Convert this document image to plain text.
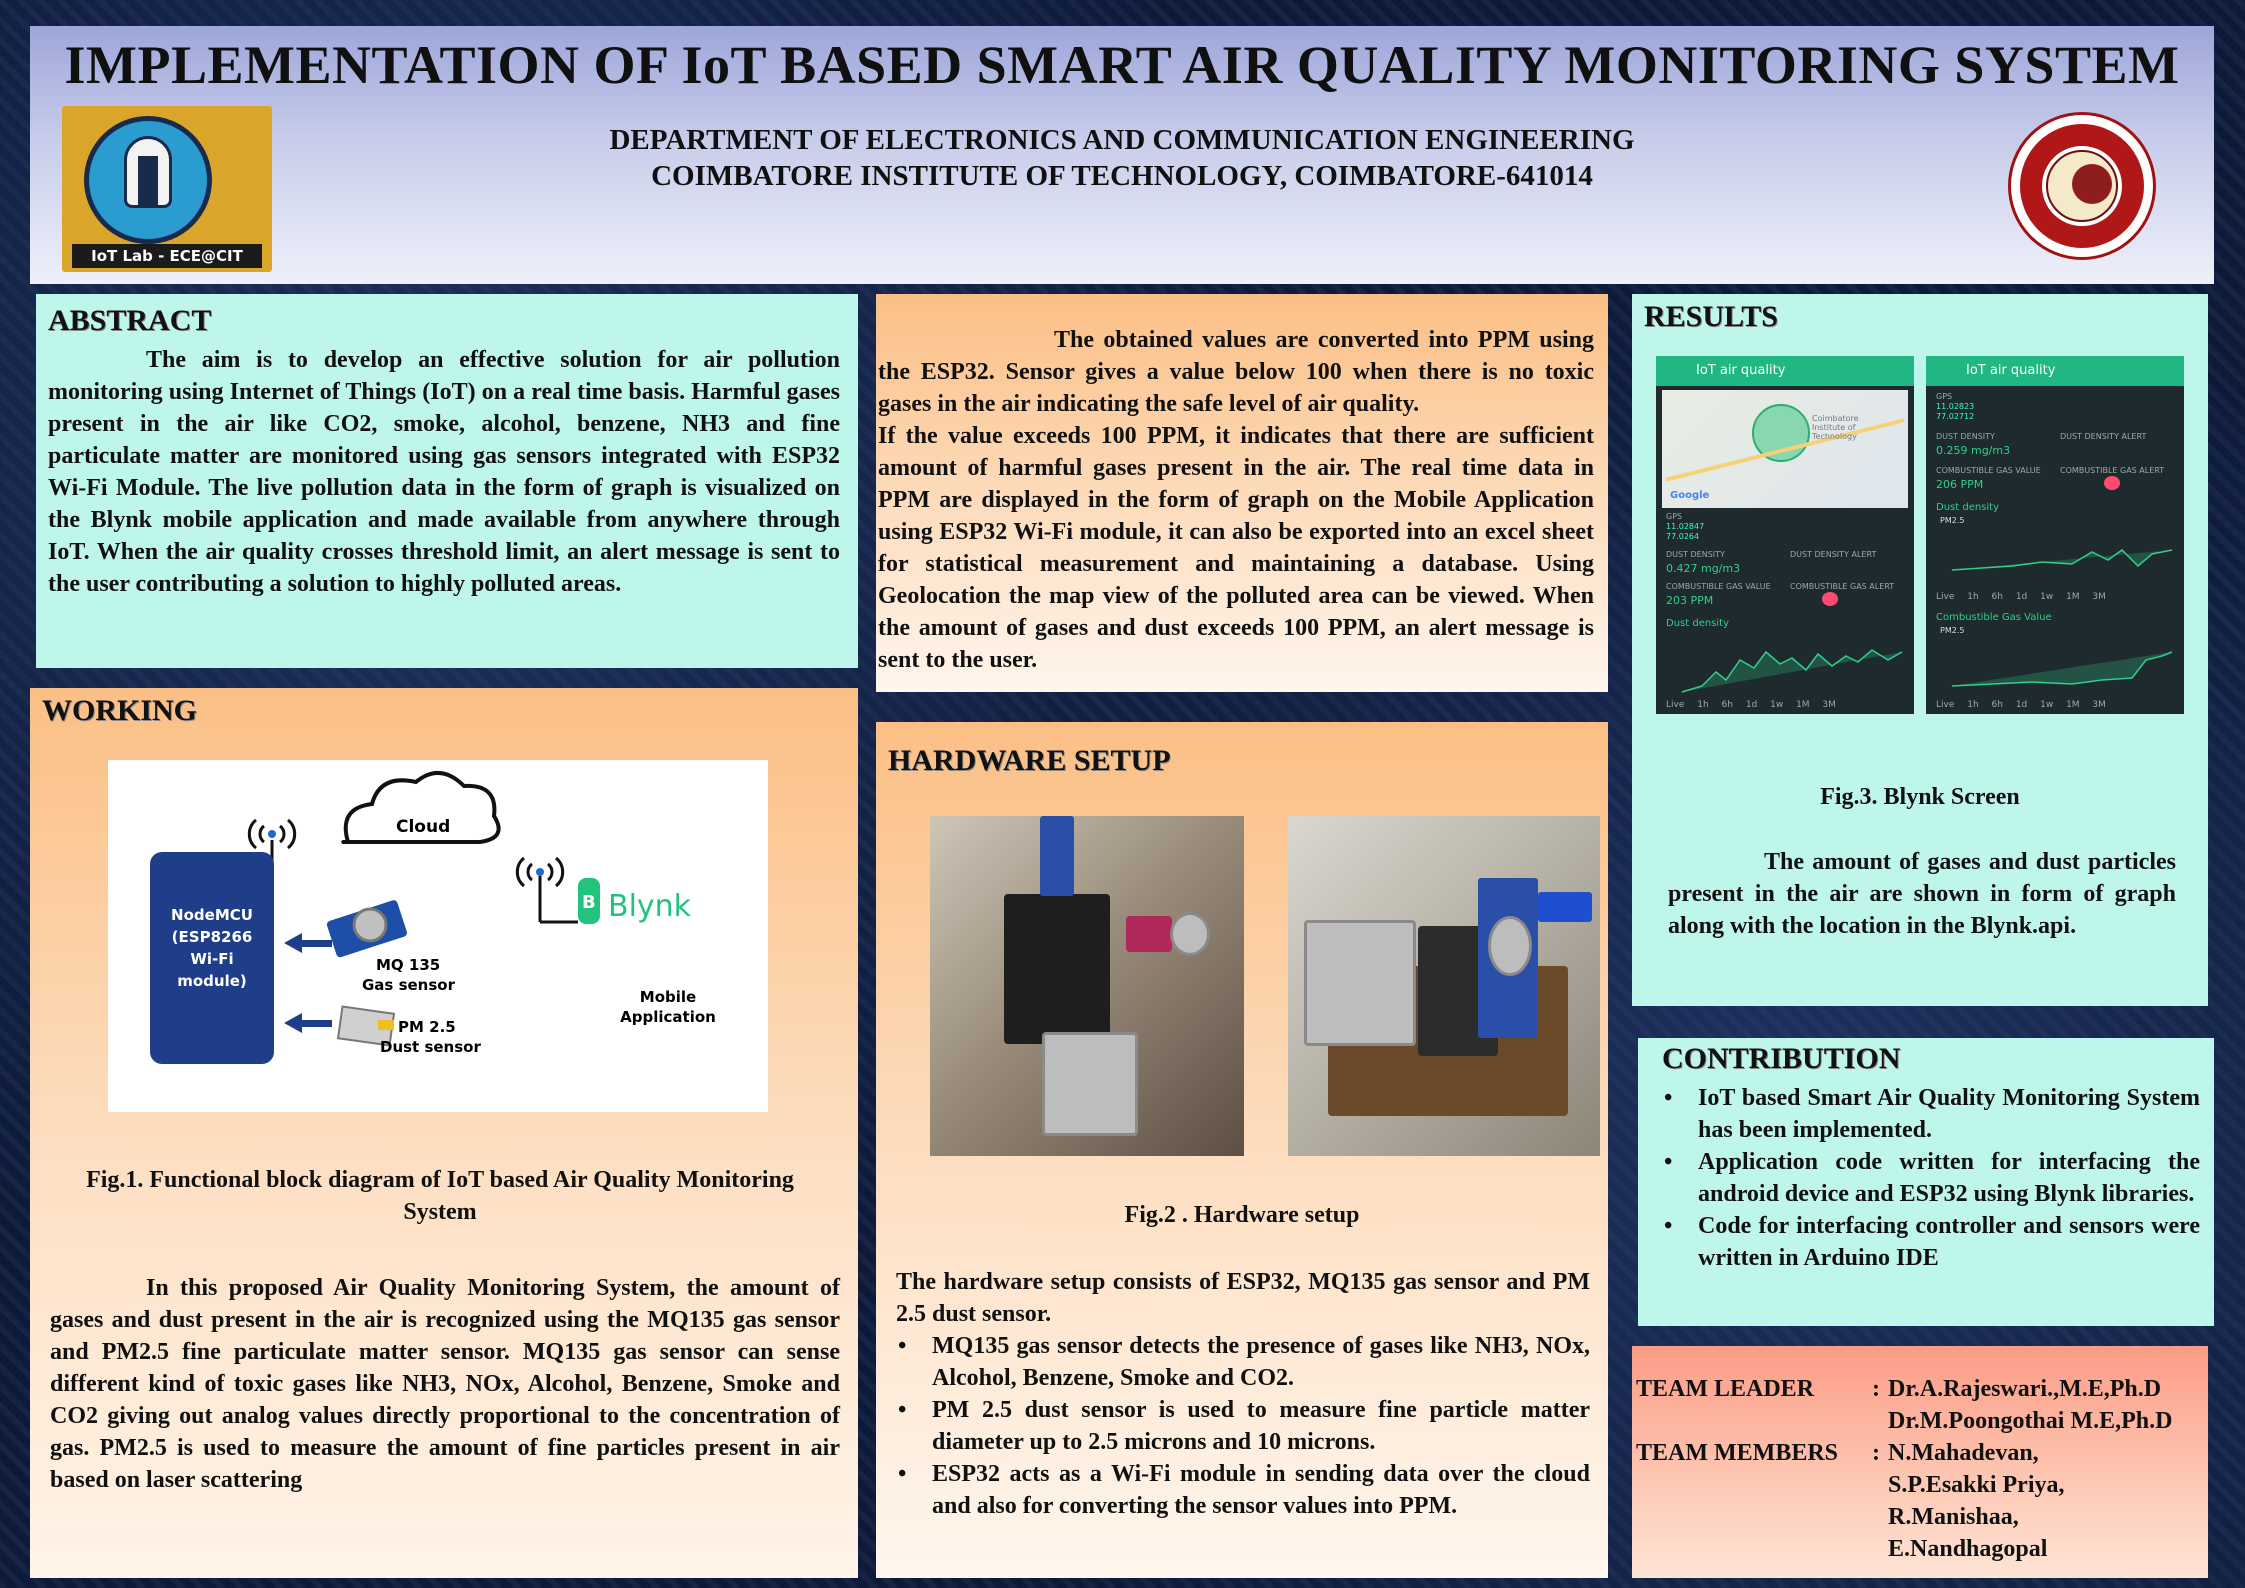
IoT Lab - ECE@CIT
IMPLEMENTATION OF IoT BASED SMART AIR QUALITY MONITORING SYSTEM
DEPARTMENT OF ELECTRONICS AND COMMUNICATION ENGINEERING
COIMBATORE INSTITUTE OF TECHNOLOGY, COIMBATORE-641014
ABSTRACT

The aim is to develop an effective solution for air pollution monitoring using Internet of Things (IoT) on a real time basis. Harmful gases present in the air like CO2, smoke, alcohol, benzene, NH3 and fine particulate matter are monitored using gas sensors integrated with ESP32 Wi-Fi Module. The live pollution data in the form of graph is visualized on the Blynk mobile application and made available from anywhere through IoT. When the air quality crosses threshold limit, an alert message is sent to the user contributing a solution to highly polluted areas.

WORKING
Cloud
NodeMCU
(ESP8266
Wi-Fi
module)
MQ 135
Gas sensor
PM 2.5
Dust sensor
B Blynk
Mobile
Application
Fig.1. Functional block diagram of IoT based Air Quality Monitoring System
In this proposed Air Quality Monitoring System, the amount of gases and dust present in the air is recognized using the MQ135 gas sensor and PM2.5 fine particulate matter sensor. MQ135 gas sensor can sense different kind of toxic gases like NH3, NOx, Alcohol, Benzene, Smoke and CO2 giving out analog values directly proportional to the concentration of gas. PM2.5 is used to measure the amount of fine particles present in air based on laser scattering

The obtained values are converted into PPM using the ESP32. Sensor gives a value below 100 when there is no toxic gases in the air indicating the safe level of air quality.

If the value exceeds 100 PPM, it indicates that there are sufficient amount of harmful gases present in the air. The real time data in PPM are displayed in the form of graph on the Mobile Application using ESP32 Wi-Fi module, it can also be exported into an excel sheet for statistical measurement and maintaining a database. Using Geolocation the map view of the polluted area can be viewed. When the amount of gases and dust exceeds 100 PPM, an alert message is sent to the user.

HARDWARE SETUP
Fig.2 . Hardware setup

The hardware setup consists of ESP32, MQ135 gas sensor and PM 2.5 dust sensor.

• MQ135 gas sensor detects the presence of gases like NH3, NOx, Alcohol, Benzene, Smoke and CO2.
• PM 2.5 dust sensor is used to measure fine particle matter diameter up to 2.5 microns and 10 microns.
• ESP32 acts as a Wi-Fi module in sending data over the cloud and also for converting the sensor values into PPM.
RESULTS
IoT air quality
Coimbatore Institute of Technology
Google
GPS
11.02847
77.0264
DUST DENSITY
0.427 mg/m3
DUST DENSITY ALERT
COMBUSTIBLE GAS VALUE
203 PPM
COMBUSTIBLE GAS ALERT
Dust density
Live 1h 6h 1d 1w 1M 3M
IoT air quality
GPS
11.02823
77.02712
DUST DENSITY
0.259 mg/m3
DUST DENSITY ALERT
COMBUSTIBLE GAS VALUE
206 PPM
COMBUSTIBLE GAS ALERT
Dust density
PM2.5
Live 1h 6h 1d 1w 1M 3M
Combustible Gas Value
PM2.5
Live 1h 6h 1d 1w 1M 3M
Fig.3. Blynk Screen
The amount of gases and dust particles present in the air are shown in form of graph along with the location in the Blynk.api.
CONTRIBUTION
• IoT based Smart Air Quality Monitoring System has been implemented.
• Application code written for interfacing the android device and ESP32 using Blynk libraries.
• Code for interfacing controller and sensors were written in Arduino IDE
TEAM LEADER : Dr.A.Rajeswari.,M.E,Ph.D
Dr.M.Poongothai M.E,Ph.D
TEAM MEMBERS : N.Mahadevan,
S.P.Esakki Priya,
R.Manishaa,
E.Nandhagopal
